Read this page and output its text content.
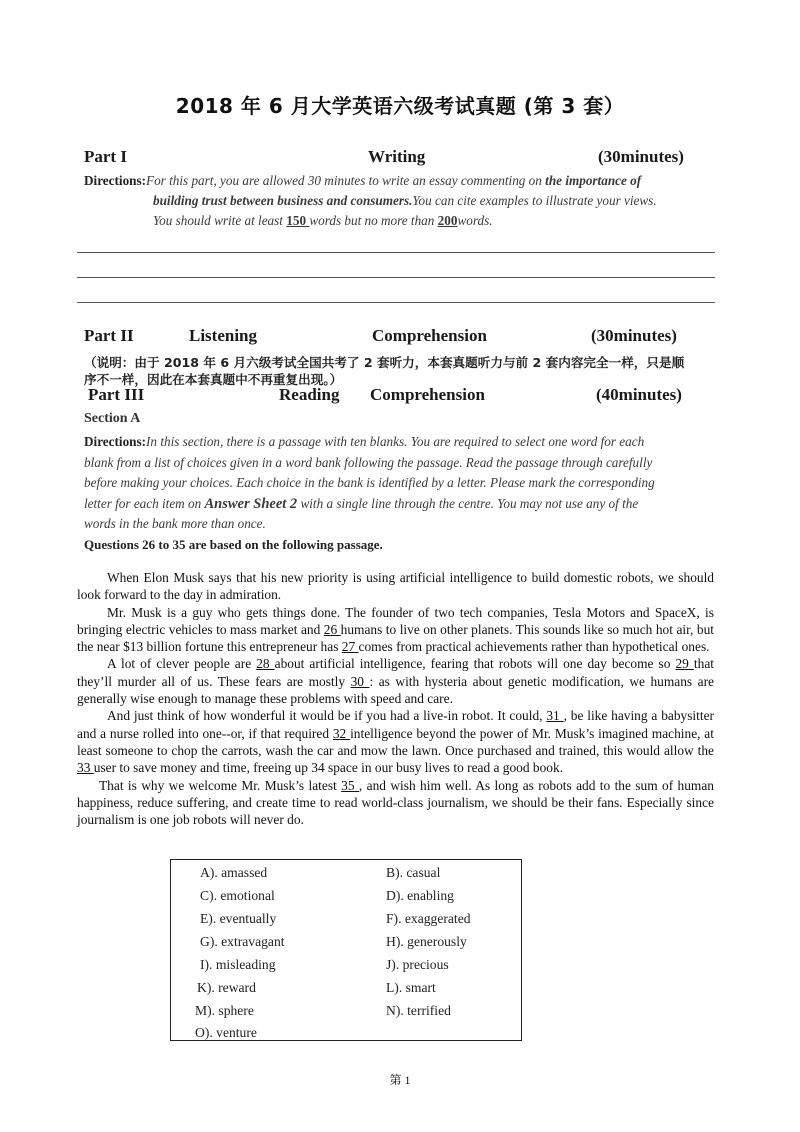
2018 年 6 月大学英语六级考试真题 (第 3 套）
Part I	Writing	(30minutes)
Directions:For this part, you are allowed 30 minutes to write an essay commenting on the importance of
building trust between business and consumers.You can cite examples to illustrate your views.
You should write at least 150 words but no more than 200words.
Part II	Listening	Comprehension	(30minutes)
（说明：由于 2018 年 6 月六级考试全国共考了 2 套听力，本套真题听力与前 2 套内容完全一样，只是顺
序不一样，因此在本套真题中不再重复出现。）
Part III	Reading Comprehension	(40minutes)
Section A
Directions:In this section, there is a passage with ten blanks. You are required to select one word for each
blank from a list of choices given in a word bank following the passage. Read the passage through carefully
before making your choices. Each choice in the bank is identified by a letter. Please mark the corresponding
letter for each item on Answer Sheet 2 with a single line through the centre. You may not use any of the
words in the bank more than once.
Questions 26 to 35 are based on the following passage.

When Elon Musk says that his new priority is using artificial intelligence to build domestic robots, we should look forward to the day in admiration.

Mr. Musk is a guy who gets things done. The founder of two tech companies, Tesla Motors and SpaceX, is bringing electric vehicles to mass market and 26 humans to live on other planets. This sounds like so much hot air, but the near $13 billion fortune this entrepreneur has 27 comes from practical achievements rather than hypothetical ones.

A lot of clever people are 28 about artificial intelligence, fearing that robots will one day become so 29 that they’ll murder all of us. These fears are mostly 30 : as with hysteria about genetic modification, we humans are generally wise enough to manage these problems with speed and care.

And just think of how wonderful it would be if you had a live-in robot. It could, 31 , be like having a babysitter and a nurse rolled into one--or, if that required 32 intelligence beyond the power of Mr. Musk’s imagined machine, at least someone to chop the carrots, wash the car and mow the lawn. Once purchased and trained, this would allow the 33 user to save money and time, freeing up 34 space in our busy lives to read a good book.

That is why we welcome Mr. Musk’s latest 35 , and wish him well. As long as robots add to the sum of human happiness, reduce suffering, and create time to read world-class journalism, we should be their fans. Especially since journalism is one job robots will never do.

A). amassed	B). casual
C). emotional	D). enabling
E). eventually	F). exaggerated
G). extravagant	H). generously
I). misleading	J). precious
K). reward	L). smart
M). sphere	N). terrified
O). venture
第 1
